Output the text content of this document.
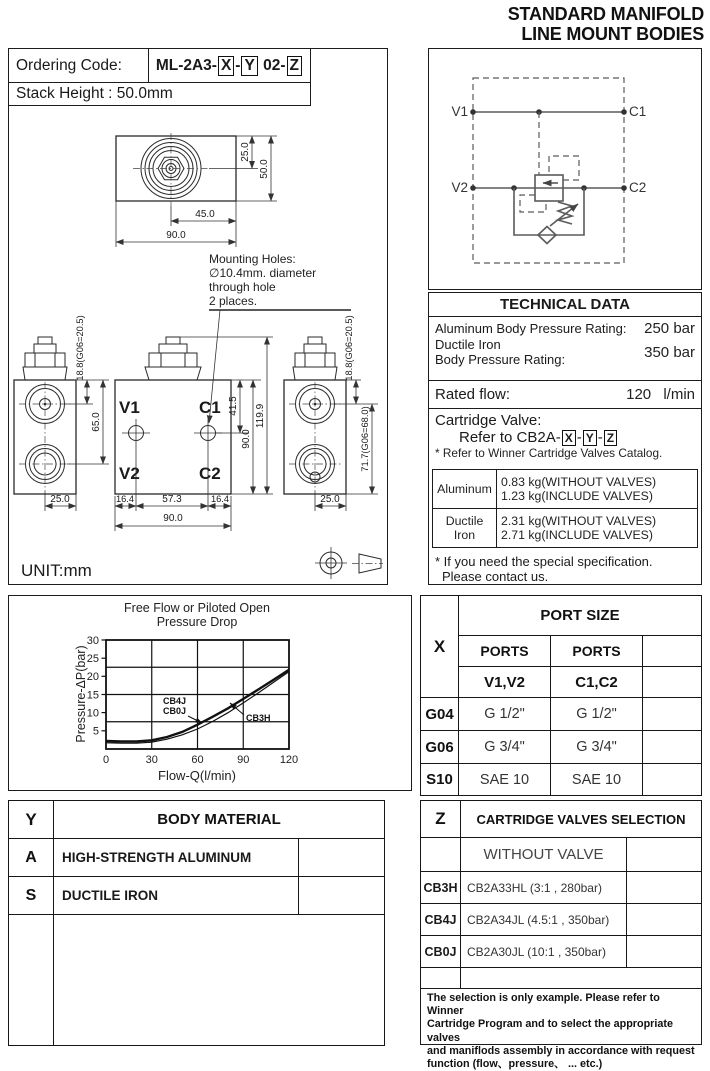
STANDARD MANIFOLD
LINE MOUNT BODIES
Ordering Code:	ML-2A3- X - Y 02- Z
Stack Height : 50.0mm
45.0
90.0
25.0
50.0
Mounting Holes:
∅10.4mm. diameter
through hole
2 places.
V1	C1
V2	C2
16.4	57.3	16.4
90.0
41.5
90.0
119.9
18.8(G06=20.5)
65.0
25.0
18.8(G06=20.5)
71.7(G06=68.0)
25.0
UNIT:mm
V1	C1
V2	C2
TECHNICAL DATA
Aluminum Body Pressure Rating: 250 bar
Ductile Iron
Body Pressure Rating:	350 bar
Rated flow:	120 l/min
Cartridge Valve:
Refer to CB2A- X - Y - Z
* Refer to Winner Cartridge Valves Catalog.
Aluminum	0.83 kg(WITHOUT VALVES)
1.23 kg(INCLUDE VALVES)

Ductile Iron	2.31 kg(WITHOUT VALVES)
2.71 kg(INCLUDE VALVES)
* If you need the special specification.
Please contact us.
Free Flow or Piloted Open
Pressure Drop
30
25
20
15
10
5
Pressure-ΔP(bar)
0	30	60	90	120
Flow-Q(l/min)
CB4J
CB0J
CB3H
X	PORT SIZE		
	PORTS	PORTS	
	V1,V2	C1,C2	
G04	G 1/2"	G 1/2"	
G06	G 3/4"	G 3/4"	
S10	SAE 10	SAE 10	
Y	BODY MATERIAL	
A	HIGH-STRENGTH ALUMINUM	
S	DUCTILE IRON	

Z	CARTRIDGE VALVES SELECTION	
	WITHOUT VALVE	
CB3H	CB2A33HL (3:1 , 280bar)	
CB4J	CB2A34JL (4.5:1 , 350bar)	
CB0J	CB2A30JL (10:1 , 350bar)	

The selection is only example. Please refer to Winner
Cartridge Program and to select the appropriate valves
and maniflods assembly in accordance with request
function (flow、pressure、 ... etc.)
